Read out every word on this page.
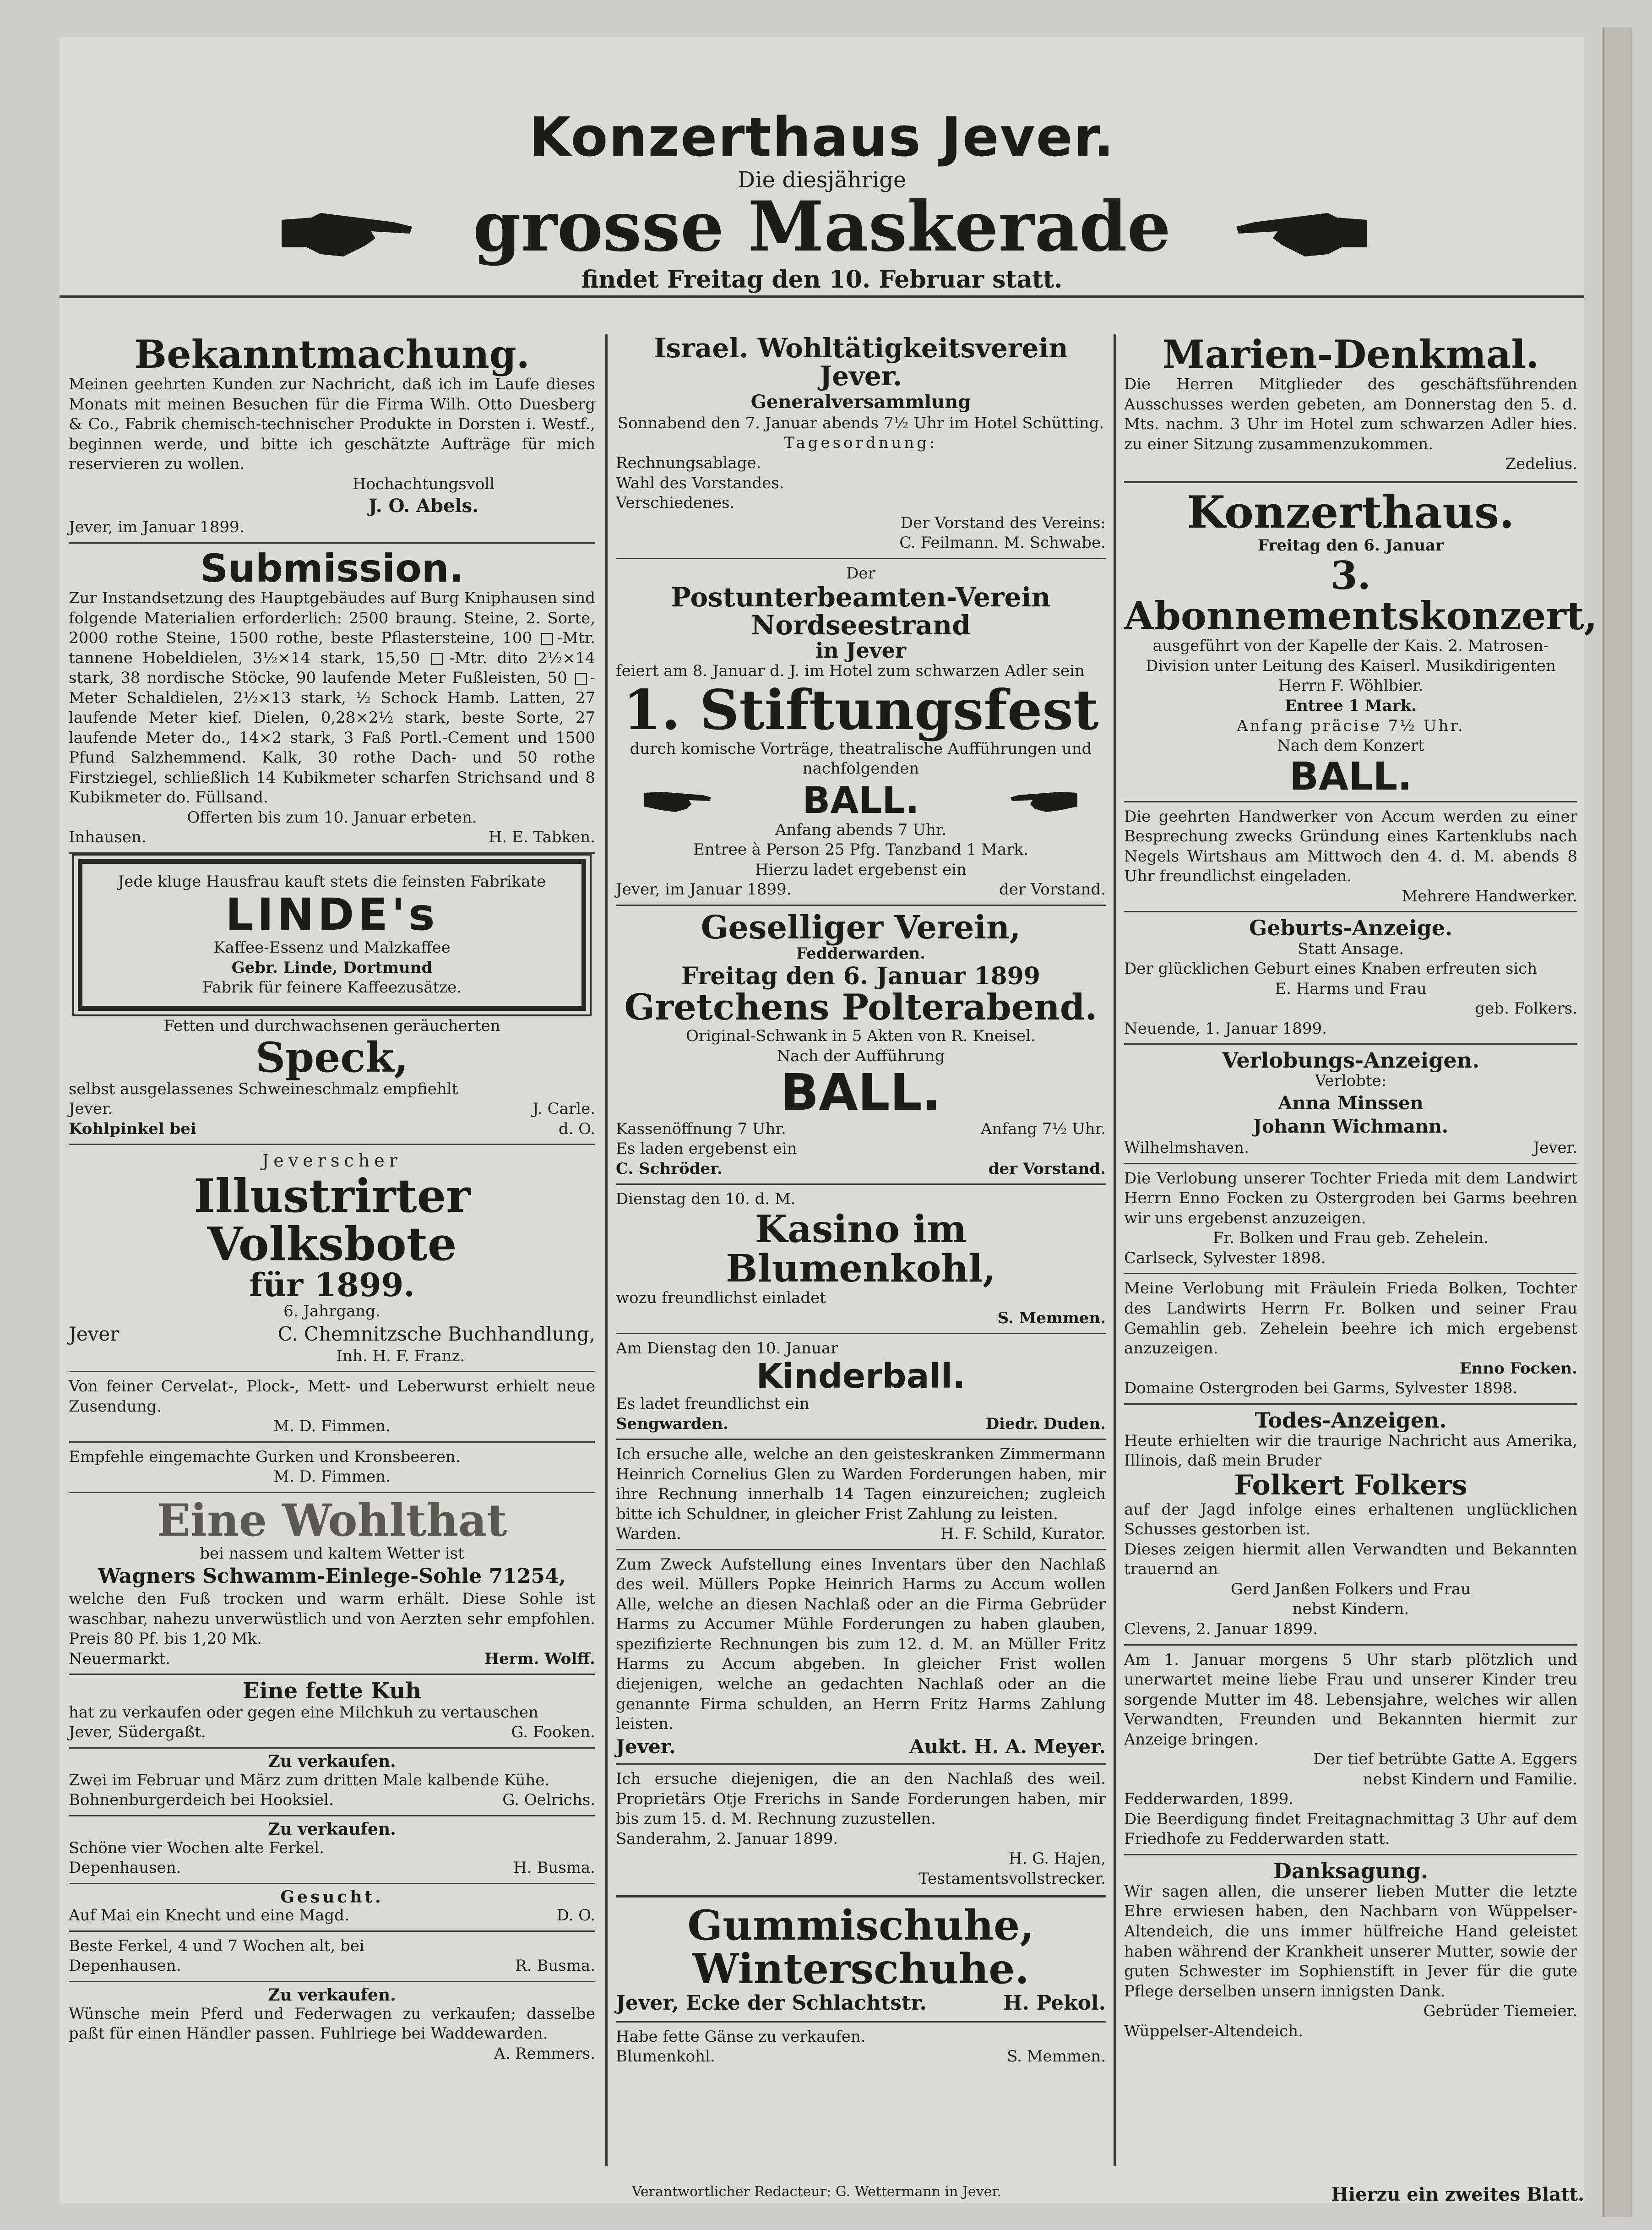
Konzerthaus Jever.
Die diesjährige
grosse Maskerade
findet Freitag den 10. Februar statt.
Bekanntmachung.
Meinen geehrten Kunden zur Nachricht, daß ich im Laufe dieses Monats mit meinen Besuchen für die Firma Wilh. Otto Duesberg & Co., Fabrik chemisch-technischer Produkte in Dorsten i. Westf., beginnen werde, und bitte ich geschätzte Aufträge für mich reservieren zu wollen.
Hochachtungsvoll
J. O. Abels.
Jever, im Januar 1899.
Submission.
Zur Instandsetzung des Hauptgebäudes auf Burg Kniphausen sind folgende Materialien erforderlich: 2500 braung. Steine, 2. Sorte, 2000 rothe Steine, 1500 rothe, beste Pflastersteine, 100 □-Mtr. tannene Hobeldielen, 3½×14 stark, 15,50 □-Mtr. dito 2½×14 stark, 38 nordische Stöcke, 90 laufende Meter Fußleisten, 50 □-Meter Schaldielen, 2½×13 stark, ½ Schock Hamb. Latten, 27 laufende Meter kief. Dielen, 0,28×2½ stark, beste Sorte, 27 laufende Meter do., 14×2 stark, 3 Faß Portl.-Cement und 1500 Pfund Salzhemmend. Kalk, 30 rothe Dach- und 50 rothe Firstziegel, schließlich 14 Kubikmeter scharfen Strichsand und 8 Kubikmeter do. Füllsand.
Offerten bis zum 10. Januar erbeten.
Inhausen.	H. E. Tabken.
Jede kluge Hausfrau kauft stets die feinsten Fabrikate
LINDE's
Kaffee-Essenz und Malzkaffee
Gebr. Linde, Dortmund
Fabrik für feinere Kaffeezusätze.
Fetten und durchwachsenen geräucherten
Speck,
selbst ausgelassenes Schweineschmalz empfiehlt
Jever.	J. Carle.
Kohlpinkel bei	d. O.
Jeverscher
Illustrirter Volksbote
für 1899.
6. Jahrgang.
Jever	C. Chemnitzsche Buchhandlung,
Inh. H. F. Franz.
Von feiner Cervelat-, Plock-, Mett- und Leberwurst erhielt neue Zusendung.
M. D. Fimmen.
Empfehle eingemachte Gurken und Kronsbeeren.
M. D. Fimmen.
Eine Wohlthat
bei nassem und kaltem Wetter ist
Wagners Schwamm-Einlege-Sohle 71254,
welche den Fuß trocken und warm erhält. Diese Sohle ist waschbar, nahezu unverwüstlich und von Aerzten sehr empfohlen. Preis 80 Pf. bis 1,20 Mk.
Neuermarkt.	Herm. Wolff.
Eine fette Kuh
hat zu verkaufen oder gegen eine Milchkuh zu vertauschen
Jever, Südergaßt.	G. Fooken.
Zu verkaufen.
Zwei im Februar und März zum dritten Male kalbende Kühe.
Bohnenburgerdeich bei Hooksiel.	G. Oelrichs.
Zu verkaufen.
Schöne vier Wochen alte Ferkel.
Depenhausen.	H. Busma.
Gesucht.
Auf Mai ein Knecht und eine Magd.	D. O.
Beste Ferkel, 4 und 7 Wochen alt, bei
Depenhausen.	R. Busma.
Zu verkaufen.
Wünsche mein Pferd und Federwagen zu verkaufen; dasselbe paßt für einen Händler passen. Fuhlriege bei Waddewarden.
A. Remmers.
Israel. Wohltätigkeitsverein Jever.
Generalversammlung
Sonnabend den 7. Januar abends 7½ Uhr im Hotel Schütting.
Tagesordnung:
Rechnungsablage.
Wahl des Vorstandes.
Verschiedenes.
Der Vorstand des Vereins:
C. Feilmann. M. Schwabe.
Der
Postunterbeamten-Verein Nordseestrand
in Jever
feiert am 8. Januar d. J. im Hotel zum schwarzen Adler sein
1. Stiftungsfest
durch komische Vorträge, theatralische Aufführungen und nachfolgenden
BALL.
Anfang abends 7 Uhr.
Entree à Person 25 Pfg. Tanzband 1 Mark.
Hierzu ladet ergebenst ein
Jever, im Januar 1899.	der Vorstand.
Geselliger Verein,
Fedderwarden.
Freitag den 6. Januar 1899
Gretchens Polterabend.
Original-Schwank in 5 Akten von R. Kneisel.
Nach der Aufführung
BALL.
Kassenöffnung 7 Uhr.	Anfang 7½ Uhr.
Es laden ergebenst ein
C. Schröder.	der Vorstand.
Dienstag den 10. d. M.
Kasino im Blumenkohl,
wozu freundlichst einladet
S. Memmen.
Am Dienstag den 10. Januar
Kinderball.
Es ladet freundlichst ein
Sengwarden.	Diedr. Duden.
Ich ersuche alle, welche an den geisteskranken Zimmermann Heinrich Cornelius Glen zu Warden Forderungen haben, mir ihre Rechnung innerhalb 14 Tagen einzureichen; zugleich bitte ich Schuldner, in gleicher Frist Zahlung zu leisten.
Warden.	H. F. Schild, Kurator.
Zum Zweck Aufstellung eines Inventars über den Nachlaß des weil. Müllers Popke Heinrich Harms zu Accum wollen Alle, welche an diesen Nachlaß oder an die Firma Gebrüder Harms zu Accumer Mühle Forderungen zu haben glauben, spezifizierte Rechnungen bis zum 12. d. M. an Müller Fritz Harms zu Accum abgeben. In gleicher Frist wollen diejenigen, welche an gedachten Nachlaß oder an die genannte Firma schulden, an Herrn Fritz Harms Zahlung leisten.
Jever.	Aukt. H. A. Meyer.
Ich ersuche diejenigen, die an den Nachlaß des weil. Proprietärs Otje Frerichs in Sande Forderungen haben, mir bis zum 15. d. M. Rechnung zuzustellen.
Sanderahm, 2. Januar 1899.
H. G. Hajen,
Testamentsvollstrecker.
Gummischuhe,
Winterschuhe.
Jever, Ecke der Schlachtstr.	H. Pekol.
Habe fette Gänse zu verkaufen.
Blumenkohl.	S. Memmen.
Marien-Denkmal.
Die Herren Mitglieder des geschäftsführenden Ausschusses werden gebeten, am Donnerstag den 5. d. Mts. nachm. 3 Uhr im Hotel zum schwarzen Adler hies. zu einer Sitzung zusammenzukommen.
Zedelius.
Konzerthaus.
Freitag den 6. Januar
3. Abonnementskonzert,
ausgeführt von der Kapelle der Kais. 2. Matrosen-Division unter Leitung des Kaiserl. Musikdirigenten Herrn F. Wöhlbier.
Entree 1 Mark.
Anfang präcise 7½ Uhr.
Nach dem Konzert
BALL.
Die geehrten Handwerker von Accum werden zu einer Besprechung zwecks Gründung eines Kartenklubs nach Negels Wirtshaus am Mittwoch den 4. d. M. abends 8 Uhr freundlichst eingeladen.
Mehrere Handwerker.
Geburts-Anzeige.
Statt Ansage.
Der glücklichen Geburt eines Knaben erfreuten sich
E. Harms und Frau
geb. Folkers.
Neuende, 1. Januar 1899.
Verlobungs-Anzeigen.
Verlobte:
Anna Minssen
Johann Wichmann.
Wilhelmshaven.	Jever.
Die Verlobung unserer Tochter Frieda mit dem Landwirt Herrn Enno Focken zu Ostergroden bei Garms beehren wir uns ergebenst anzuzeigen.
Fr. Bolken und Frau geb. Zehelein.
Carlseck, Sylvester 1898.
Meine Verlobung mit Fräulein Frieda Bolken, Tochter des Landwirts Herrn Fr. Bolken und seiner Frau Gemahlin geb. Zehelein beehre ich mich ergebenst anzuzeigen.
Enno Focken.
Domaine Ostergroden bei Garms, Sylvester 1898.
Todes-Anzeigen.
Heute erhielten wir die traurige Nachricht aus Amerika, Illinois, daß mein Bruder
Folkert Folkers
auf der Jagd infolge eines erhaltenen unglücklichen Schusses gestorben ist.
Dieses zeigen hiermit allen Verwandten und Bekannten trauernd an
Gerd Janßen Folkers und Frau
nebst Kindern.
Clevens, 2. Januar 1899.
Am 1. Januar morgens 5 Uhr starb plötzlich und unerwartet meine liebe Frau und unserer Kinder treu sorgende Mutter im 48. Lebensjahre, welches wir allen Verwandten, Freunden und Bekannten hiermit zur Anzeige bringen.
Der tief betrübte Gatte A. Eggers
nebst Kindern und Familie.
Fedderwarden, 1899.
Die Beerdigung findet Freitagnachmittag 3 Uhr auf dem Friedhofe zu Fedderwarden statt.
Danksagung.
Wir sagen allen, die unserer lieben Mutter die letzte Ehre erwiesen haben, den Nachbarn von Wüppelser-Altendeich, die uns immer hülfreiche Hand geleistet haben während der Krankheit unserer Mutter, sowie der guten Schwester im Sophienstift in Jever für die gute Pflege derselben unsern innigsten Dank.
Gebrüder Tiemeier.
Wüppelser-Altendeich.
Verantwortlicher Redacteur: G. Wettermann in Jever.	Hierzu ein zweites Blatt.
